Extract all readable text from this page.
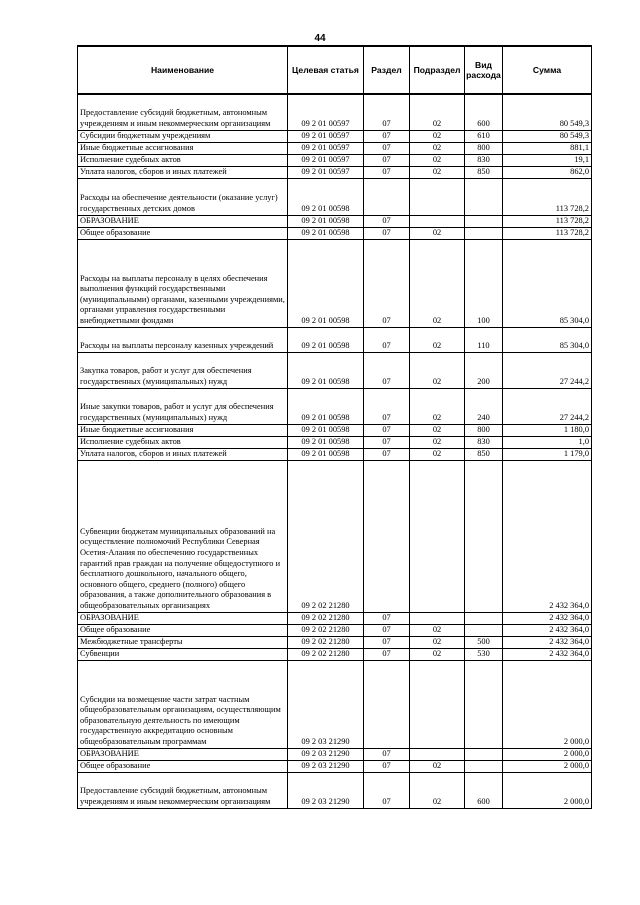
44
Наименование	Целевая статья	Раздел	Подраздел	Вид расхода	Сумма
Предоставление субсидий бюджетным, автономным учреждениям и иным некоммерческим организациям	09 2 01 00597	07	02	600	80 549,3
Субсидии бюджетным учреждениям	09 2 01 00597	07	02	610	80 549,3
Иные бюджетные ассигнования	09 2 01 00597	07	02	800	881,1
Исполнение судебных актов	09 2 01 00597	07	02	830	19,1
Уплата налогов, сборов и иных платежей	09 2 01 00597	07	02	850	862,0
Расходы на обеспечение деятельности (оказание услуг) государственных детских домов	09 2 01 00598				113 728,2
ОБРАЗОВАНИЕ	09 2 01 00598	07			113 728,2
Общее образование	09 2 01 00598	07	02		113 728,2
Расходы на выплаты персоналу в целях обеспечения выполнения функций государственными (муниципальными) органами, казенными учреждениями, органами управления государственными внебюджетными фондами	09 2 01 00598	07	02	100	85 304,0
Расходы на выплаты персоналу казенных учреждений	09 2 01 00598	07	02	110	85 304,0
Закупка товаров, работ и услуг для обеспечения государственных (муниципальных) нужд	09 2 01 00598	07	02	200	27 244,2
Иные закупки товаров, работ и услуг для обеспечения государственных (муниципальных) нужд	09 2 01 00598	07	02	240	27 244,2
Иные бюджетные ассигнования	09 2 01 00598	07	02	800	1 180,0
Исполнение судебных актов	09 2 01 00598	07	02	830	1,0
Уплата налогов, сборов и иных платежей	09 2 01 00598	07	02	850	1 179,0
Субвенции бюджетам муниципальных образований на осуществление полномочий Республики Северная Осетия-Алания по обеспечению государственных гарантий прав граждан на получение общедоступного и бесплатного дошкольного, начального общего, основного общего, среднего (полного) общего образования, а также дополнительного образования в общеобразовательных организациях	09 2 02 21280				2 432 364,0
ОБРАЗОВАНИЕ	09 2 02 21280	07			2 432 364,0
Общее образование	09 2 02 21280	07	02		2 432 364,0
Межбюджетные трансферты	09 2 02 21280	07	02	500	2 432 364,0
Субвенции	09 2 02 21280	07	02	530	2 432 364,0
Субсидии на возмещение части затрат частным общеобразовательным организациям, осуществляющим образовательную деятельность по имеющим государственную аккредитацию основным общеобразовательным программам	09 2 03 21290				2 000,0
ОБРАЗОВАНИЕ	09 2 03 21290	07			2 000,0
Общее образование	09 2 03 21290	07	02		2 000,0
Предоставление субсидий бюджетным, автономным учреждениям и иным некоммерческим организациям	09 2 03 21290	07	02	600	2 000,0
